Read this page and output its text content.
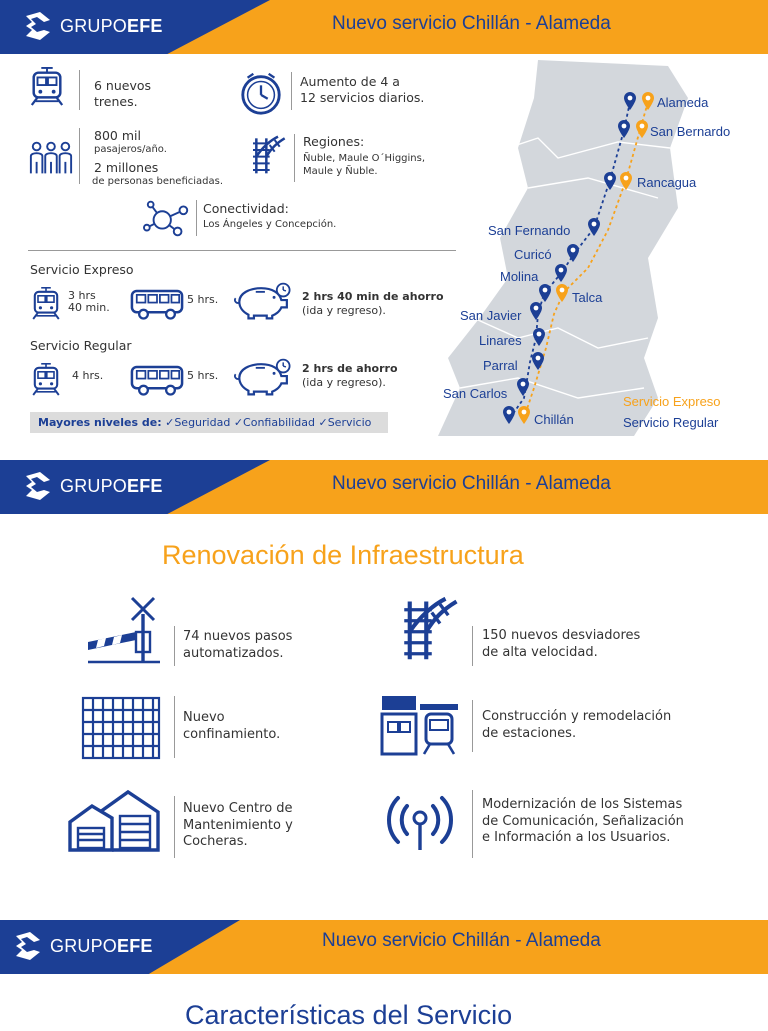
GRUPOEFE	Nuevo servicio Chillán - Alameda
6 nuevos
trenes.
Aumento de 4 a
12 servicios diarios.
800 mil
pasajeros/año.
2 millones
de personas beneficiadas.
Regiones:
Ñuble, Maule O´Higgins,
Maule y Ñuble.
Conectividad:
Los Ángeles y Concepción.
Servicio Expreso
3 hrs
40 min.
5 hrs.	2 hrs 40 min de ahorro
(ida y regreso).
Servicio Regular
4 hrs.	5 hrs.
2 hrs de ahorro
(ida y regreso).
Mayores niveles de: ✓Seguridad ✓Confiabilidad ✓Servicio
Alameda
San Bernardo
Rancagua
San Fernando
Curicó
Molina
Talca
San Javier
Linares
Parral
San Carlos
Chillán
Servicio Expreso
Servicio Regular
GRUPOEFE	Nuevo servicio Chillán - Alameda
Renovación de Infraestructura
74 nuevos pasos
automatizados.
150 nuevos desviadores
de alta velocidad.
Nuevo
confinamiento.
Construcción y remodelación
de estaciones.
Nuevo Centro de
Mantenimiento y
Cocheras.
Modernización de los Sistemas
de Comunicación, Señalización
e Información a los Usuarios.
GRUPOEFE	Nuevo servicio Chillán - Alameda
Características del Servicio
